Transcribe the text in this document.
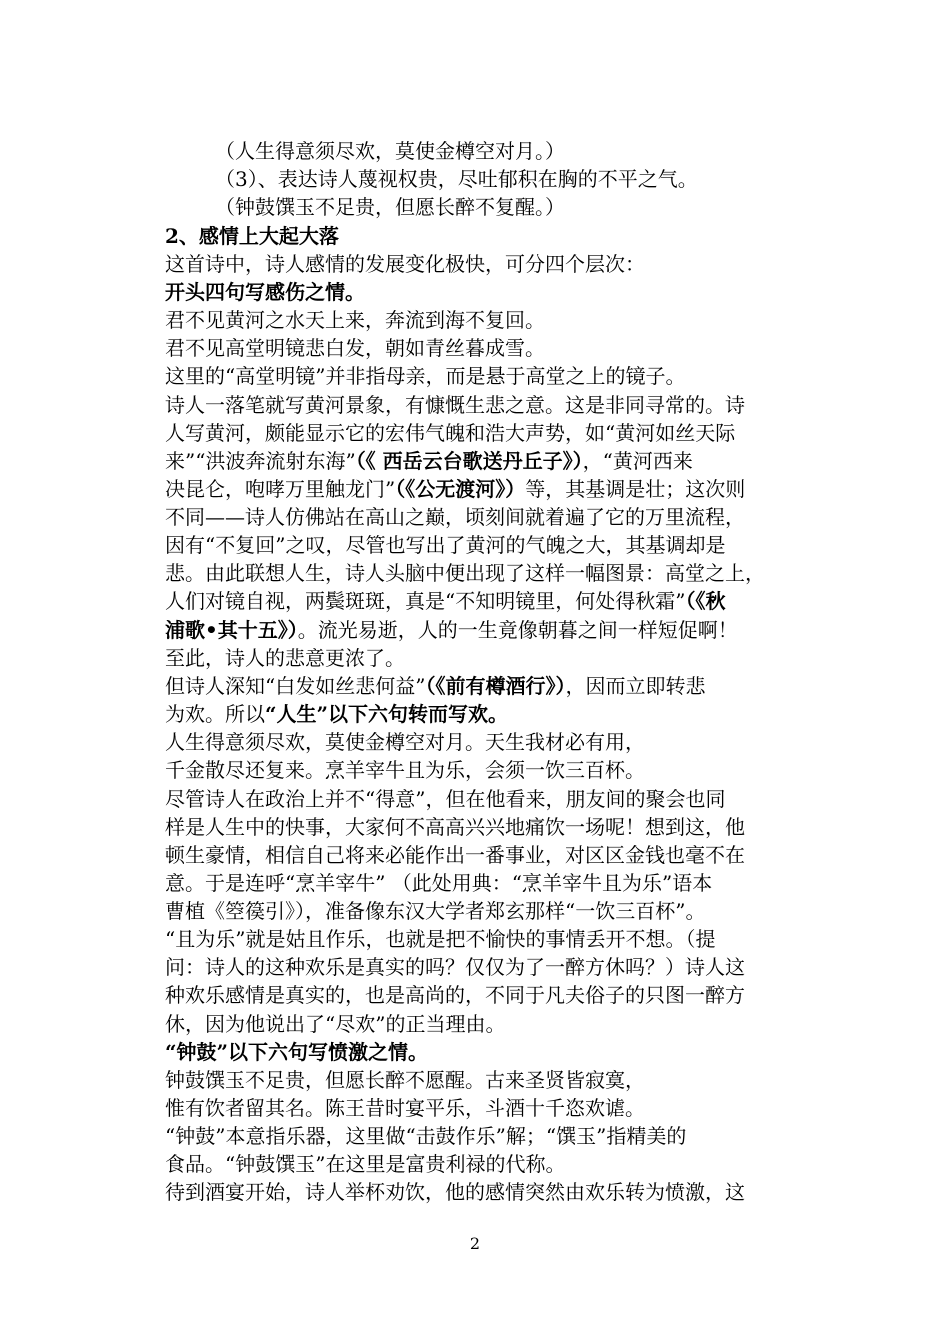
（人生得意须尽欢，莫使金樽空对月。）
（3）、表达诗人蔑视权贵，尽吐郁积在胸的不平之气。
（钟鼓馔玉不足贵，但愿长醉不复醒。）
2、感情上大起大落
这首诗中，诗人感情的发展变化极快，可分四个层次：
开头四句写感伤之情。
君不见黄河之水天上来，奔流到海不复回。
君不见高堂明镜悲白发，朝如青丝暮成雪。
这里的“高堂明镜”并非指母亲，而是悬于高堂之上的镜子。
诗人一落笔就写黄河景象，有慷慨生悲之意。这是非同寻常的。诗
人写黄河，颇能显示它的宏伟气魄和浩大声势，如“黄河如丝天际
来”“洪波奔流射东海”（《 西岳云台歌送丹丘子》），“黄河西来
决昆仑，咆哮万里触龙门”（《公无渡河》）等，其基调是壮；这次则
不同——诗人仿佛站在高山之巅，顷刻间就着遍了它的万里流程，
因有“不复回”之叹，尽管也写出了黄河的气魄之大，其基调却是
悲。由此联想人生，诗人头脑中便出现了这样一幅图景：高堂之上，
人们对镜自视，两鬓斑斑，真是“不知明镜里，何处得秋霜”（《秋
浦歌•其十五》）。流光易逝，人的一生竟像朝暮之间一样短促啊！
至此，诗人的悲意更浓了。
但诗人深知“白发如丝悲何益”（《前有樽酒行》），因而立即转悲
为欢。所以“人生”以下六句转而写欢。
人生得意须尽欢，莫使金樽空对月。天生我材必有用，
千金散尽还复来。烹羊宰牛且为乐，会须一饮三百杯。
尽管诗人在政治上并不“得意”，但在他看来，朋友间的聚会也同
样是人生中的快事，大家何不高高兴兴地痛饮一场呢！想到这，他
顿生豪情，相信自己将来必能作出一番事业，对区区金钱也毫不在
意。于是连呼“烹羊宰牛” （此处用典：“烹羊宰牛且为乐”语本
曹植《箜篌引》），准备像东汉大学者郑玄那样“一饮三百杯”。
“且为乐”就是姑且作乐，也就是把不愉快的事情丢开不想。（提
问：诗人的这种欢乐是真实的吗？仅仅为了一醉方休吗？）诗人这
种欢乐感情是真实的，也是高尚的，不同于凡夫俗子的只图一醉方
休，因为他说出了“尽欢”的正当理由。
“钟鼓”以下六句写愤激之情。
钟鼓馔玉不足贵，但愿长醉不愿醒。古来圣贤皆寂寞，
惟有饮者留其名。陈王昔时宴平乐，斗酒十千恣欢谑。
“钟鼓”本意指乐器，这里做“击鼓作乐”解；“馔玉”指精美的
食品。“钟鼓馔玉”在这里是富贵利禄的代称。
待到酒宴开始，诗人举杯劝饮，他的感情突然由欢乐转为愤激，这
2
